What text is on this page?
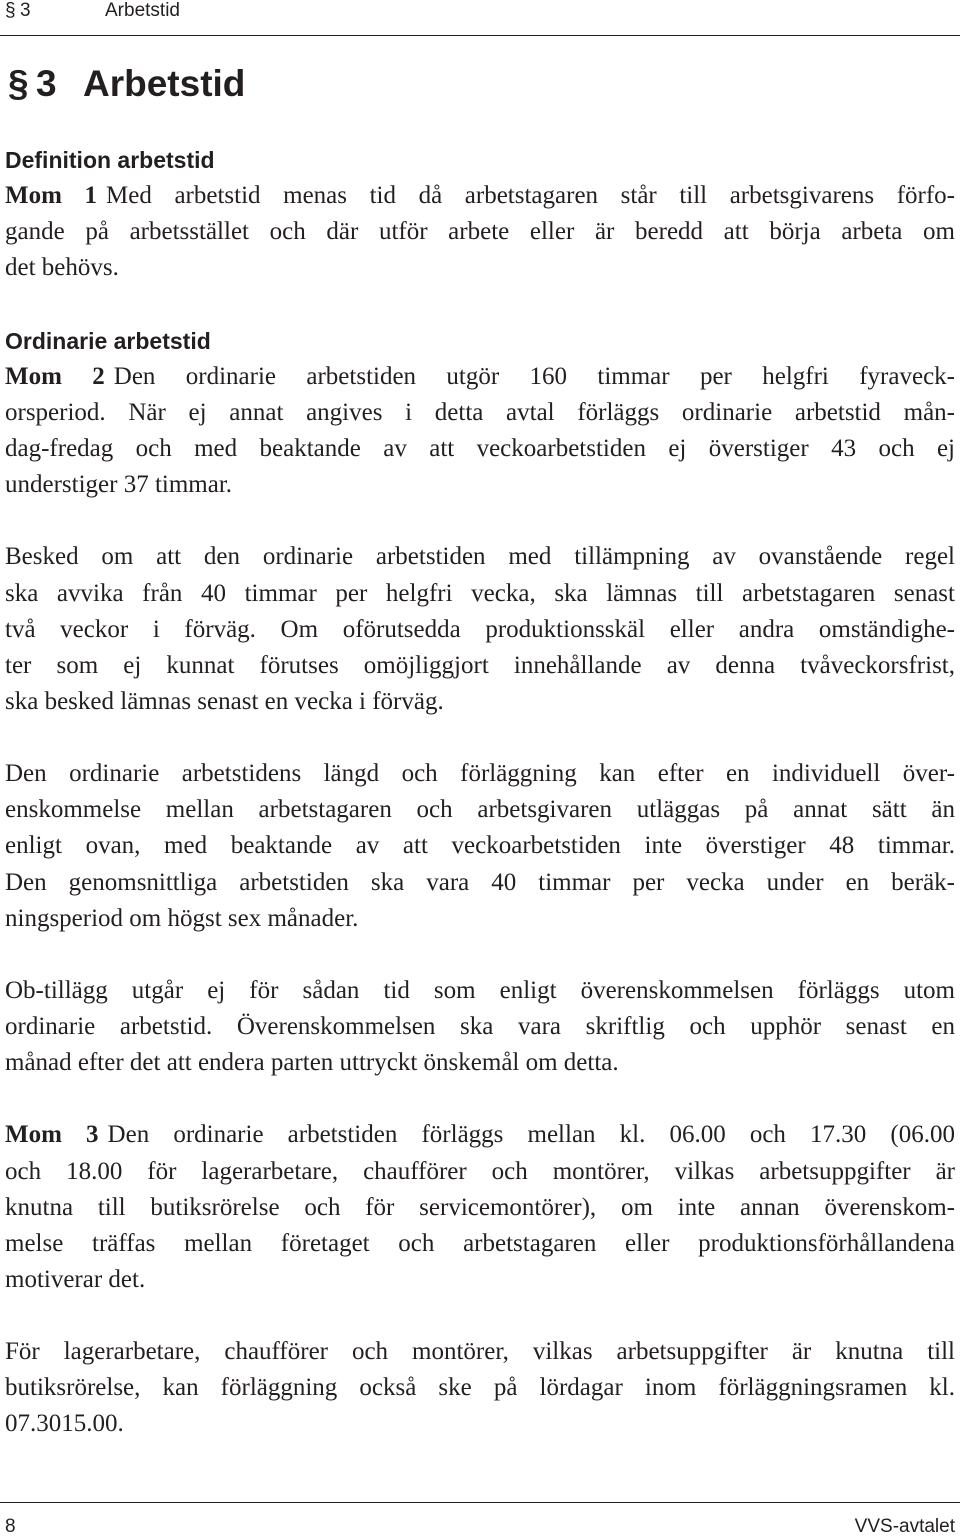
§ 3	Arbetstid
§ 3 Arbetstid
Definition arbetstid
Mom 1 Med arbetstid menas tid då arbetstagaren står till arbetsgivarens förfo-
gande på arbetsstället och där utför arbete eller är beredd att börja arbeta om
det behövs.
Ordinarie arbetstid
Mom 2 Den ordinarie arbetstiden utgör 160 timmar per helgfri fyraveck-
orsperiod. När ej annat angives i detta avtal förläggs ordinarie arbetstid mån-
dag-fredag och med beaktande av att veckoarbetstiden ej överstiger 43 och ej
understiger 37 timmar.
Besked om att den ordinarie arbetstiden med tillämpning av ovanstående regel
ska avvika från 40 timmar per helgfri vecka, ska lämnas till arbetstagaren senast
två veckor i förväg. Om oförutsedda produktionsskäl eller andra omständighe-
ter som ej kunnat förutses omöjliggjort innehållande av denna tvåveckorsfrist,
ska besked lämnas senast en vecka i förväg.
Den ordinarie arbetstidens längd och förläggning kan efter en individuell över-
enskommelse mellan arbetstagaren och arbetsgivaren utläggas på annat sätt än
enligt ovan, med beaktande av att veckoarbetstiden inte överstiger 48 timmar.
Den genomsnittliga arbetstiden ska vara 40 timmar per vecka under en beräk-
ningsperiod om högst sex månader.
Ob-tillägg utgår ej för sådan tid som enligt överenskommelsen förläggs utom
ordinarie arbetstid. Överenskommelsen ska vara skriftlig och upphör senast en
månad efter det att endera parten uttryckt önskemål om detta.
Mom 3 Den ordinarie arbetstiden förläggs mellan kl. 06.00 och 17.30 (06.00
och 18.00 för lagerarbetare, chaufförer och montörer, vilkas arbetsuppgifter är
knutna till butiksrörelse och för servicemontörer), om inte annan överenskom-
melse träffas mellan företaget och arbetstagaren eller produktionsförhållandena
motiverar det.
För lagerarbetare, chaufförer och montörer, vilkas arbetsuppgifter är knutna till
butiksrörelse, kan förläggning också ske på lördagar inom förläggningsramen kl.
07.3015.00.
8	VVS-avtalet
